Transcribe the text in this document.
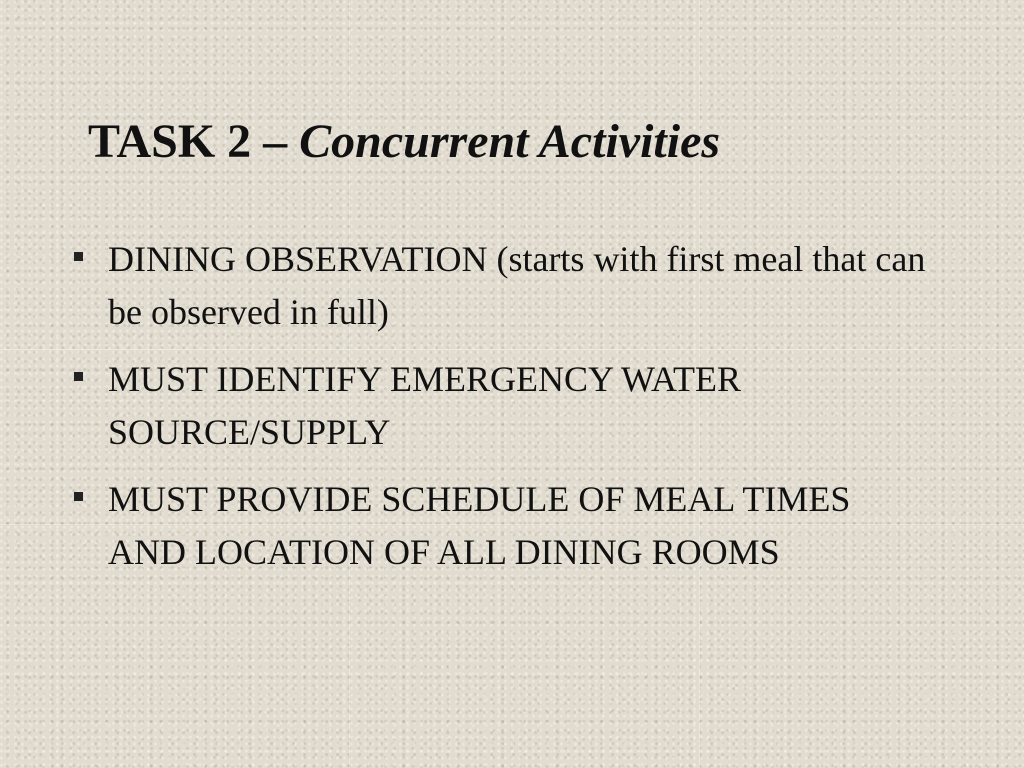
TASK 2 – Concurrent Activities
DINING OBSERVATION (starts with first meal that can be observed in full)
MUST IDENTIFY EMERGENCY WATER SOURCE/SUPPLY
MUST PROVIDE SCHEDULE OF MEAL TIMES AND LOCATION OF ALL DINING ROOMS
